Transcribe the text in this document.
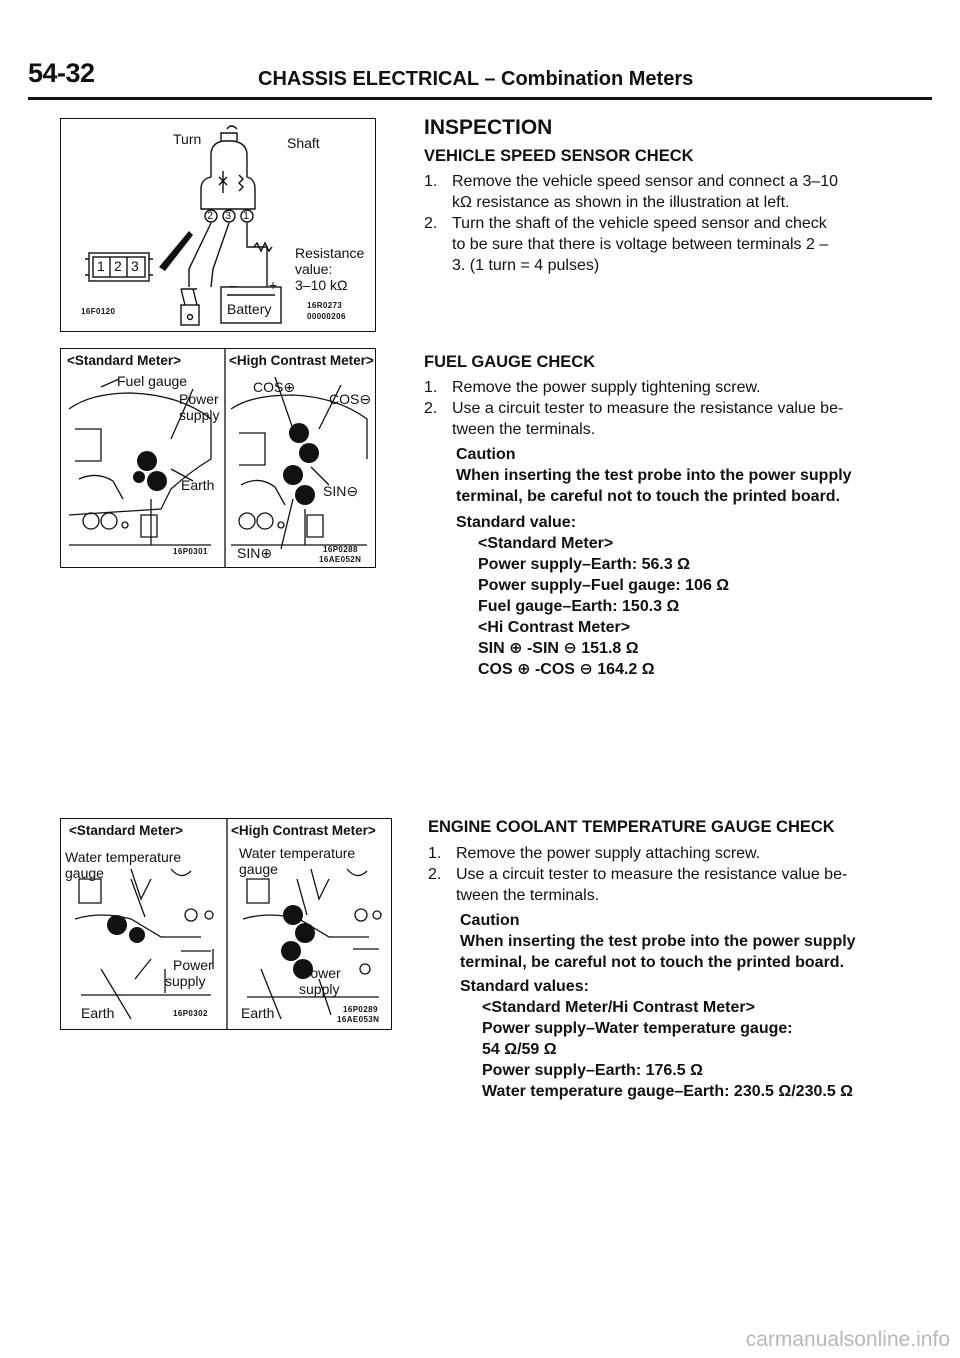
54-32	CHASSIS ELECTRICAL – Combination Meters
Turn	Shaft
1 2 3
2 3 1
Resistance
value:
3–10 kΩ
– +
Battery
16F0120
16R0273
00000206
<Standard Meter>	<High Contrast Meter>
Fuel gauge
Power
supply
Earth
COS⊕
COS⊖
SIN⊖
SIN⊕
16P0301	16P0288
16AE052N
<Standard Meter>	<High Contrast Meter>
Water temperature
gauge
Water temperature
gauge
Power
supply	Power
supply
Earth	Earth
16P0302	16P0289
16AE053N
INSPECTION
VEHICLE SPEED SENSOR CHECK
1. Remove the vehicle speed sensor and connect a 3–10
kΩ resistance as shown in the illustration at left.
2. Turn the shaft of the vehicle speed sensor and check
to be sure that there is voltage between terminals 2 –
3. (1 turn = 4 pulses)
FUEL GAUGE CHECK
1. Remove the power supply tightening screw.
2. Use a circuit tester to measure the resistance value be-
tween the terminals.
Caution
When inserting the test probe into the power supply
terminal, be careful not to touch the printed board.
Standard value:
<Standard Meter>
Power supply–Earth: 56.3 Ω
Power supply–Fuel gauge: 106 Ω
Fuel gauge–Earth: 150.3 Ω
<Hi Contrast Meter>
SIN ⊕ -SIN ⊖ 151.8 Ω
COS ⊕ -COS ⊖ 164.2 Ω
ENGINE COOLANT TEMPERATURE GAUGE CHECK
1. Remove the power supply attaching screw.
2. Use a circuit tester to measure the resistance value be-
tween the terminals.
Caution
When inserting the test probe into the power supply
terminal, be careful not to touch the printed board.
Standard values:
<Standard Meter/Hi Contrast Meter>
Power supply–Water temperature gauge:
54 Ω/59 Ω
Power supply–Earth: 176.5 Ω
Water temperature gauge–Earth: 230.5 Ω/230.5 Ω
carmanualsonline.info
